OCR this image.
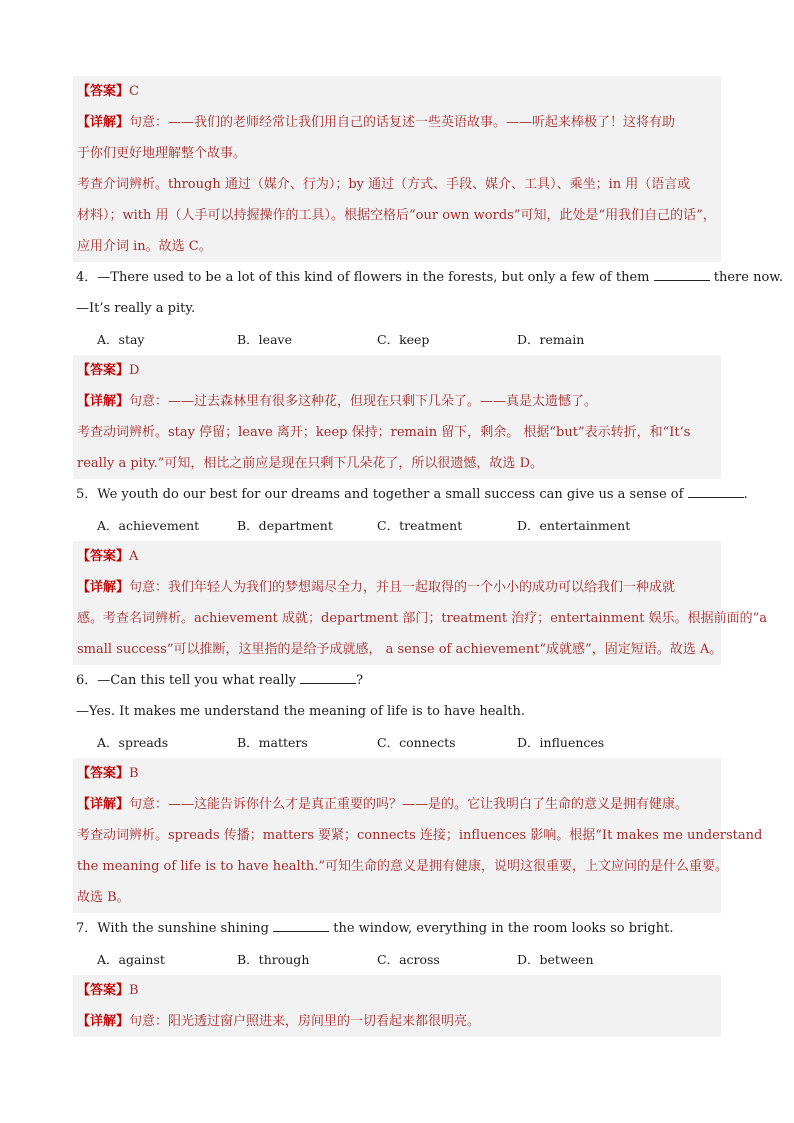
【答案】C
【详解】句意：——我们的老师经常让我们用自己的话复述一些英语故事。——听起来棒极了！这将有助
于你们更好地理解整个故事。
考查介词辨析。through 通过（媒介、行为）；by 通过（方式、手段、媒介、工具）、乘坐；in 用（语言或
材料）；with 用（人手可以持握操作的工具）。根据空格后“our own words”可知，此处是“用我们自己的话”，
应用介词 in。故选 C。
4．—There used to be a lot of this kind of flowers in the forests, but only a few of them	there now.
—It’s really a pity.
A．stay	B．leave	C．keep	D．remain
【答案】D
【详解】句意：——过去森林里有很多这种花，但现在只剩下几朵了。——真是太遗憾了。
考查动词辨析。stay 停留；leave 离开；keep 保持；remain 留下，剩余。 根据“but”表示转折，和“It’s
really a pity.”可知，相比之前应是现在只剩下几朵花了，所以很遗憾，故选 D。
5．We youth do our best for our dreams and together a small success can give us a sense of	.
A．achievement	B．department	C．treatment	D．entertainment
【答案】A
【详解】句意：我们年轻人为我们的梦想竭尽全力，并且一起取得的一个小小的成功可以给我们一种成就
感。考查名词辨析。achievement 成就；department 部门；treatment 治疗；entertainment 娱乐。根据前面的“a
small success”可以推断，这里指的是给予成就感， a sense of achievement“成就感”，固定短语。故选 A。
6．—Can this tell you what really	?
—Yes. It makes me understand the meaning of life is to have health.
A．spreads	B．matters	C．connects	D．influences
【答案】B
【详解】句意：——这能告诉你什么才是真正重要的吗？——是的。它让我明白了生命的意义是拥有健康。
考查动词辨析。spreads 传播；matters 要紧；connects 连接；influences 影响。根据“It makes me understand
the meaning of life is to have health.”可知生命的意义是拥有健康，说明这很重要，上文应问的是什么重要。
故选 B。
7．With the sunshine shining	the window, everything in the room looks so bright.
A．against	B．through	C．across	D．between
【答案】B
【详解】句意：阳光透过窗户照进来，房间里的一切看起来都很明亮。
